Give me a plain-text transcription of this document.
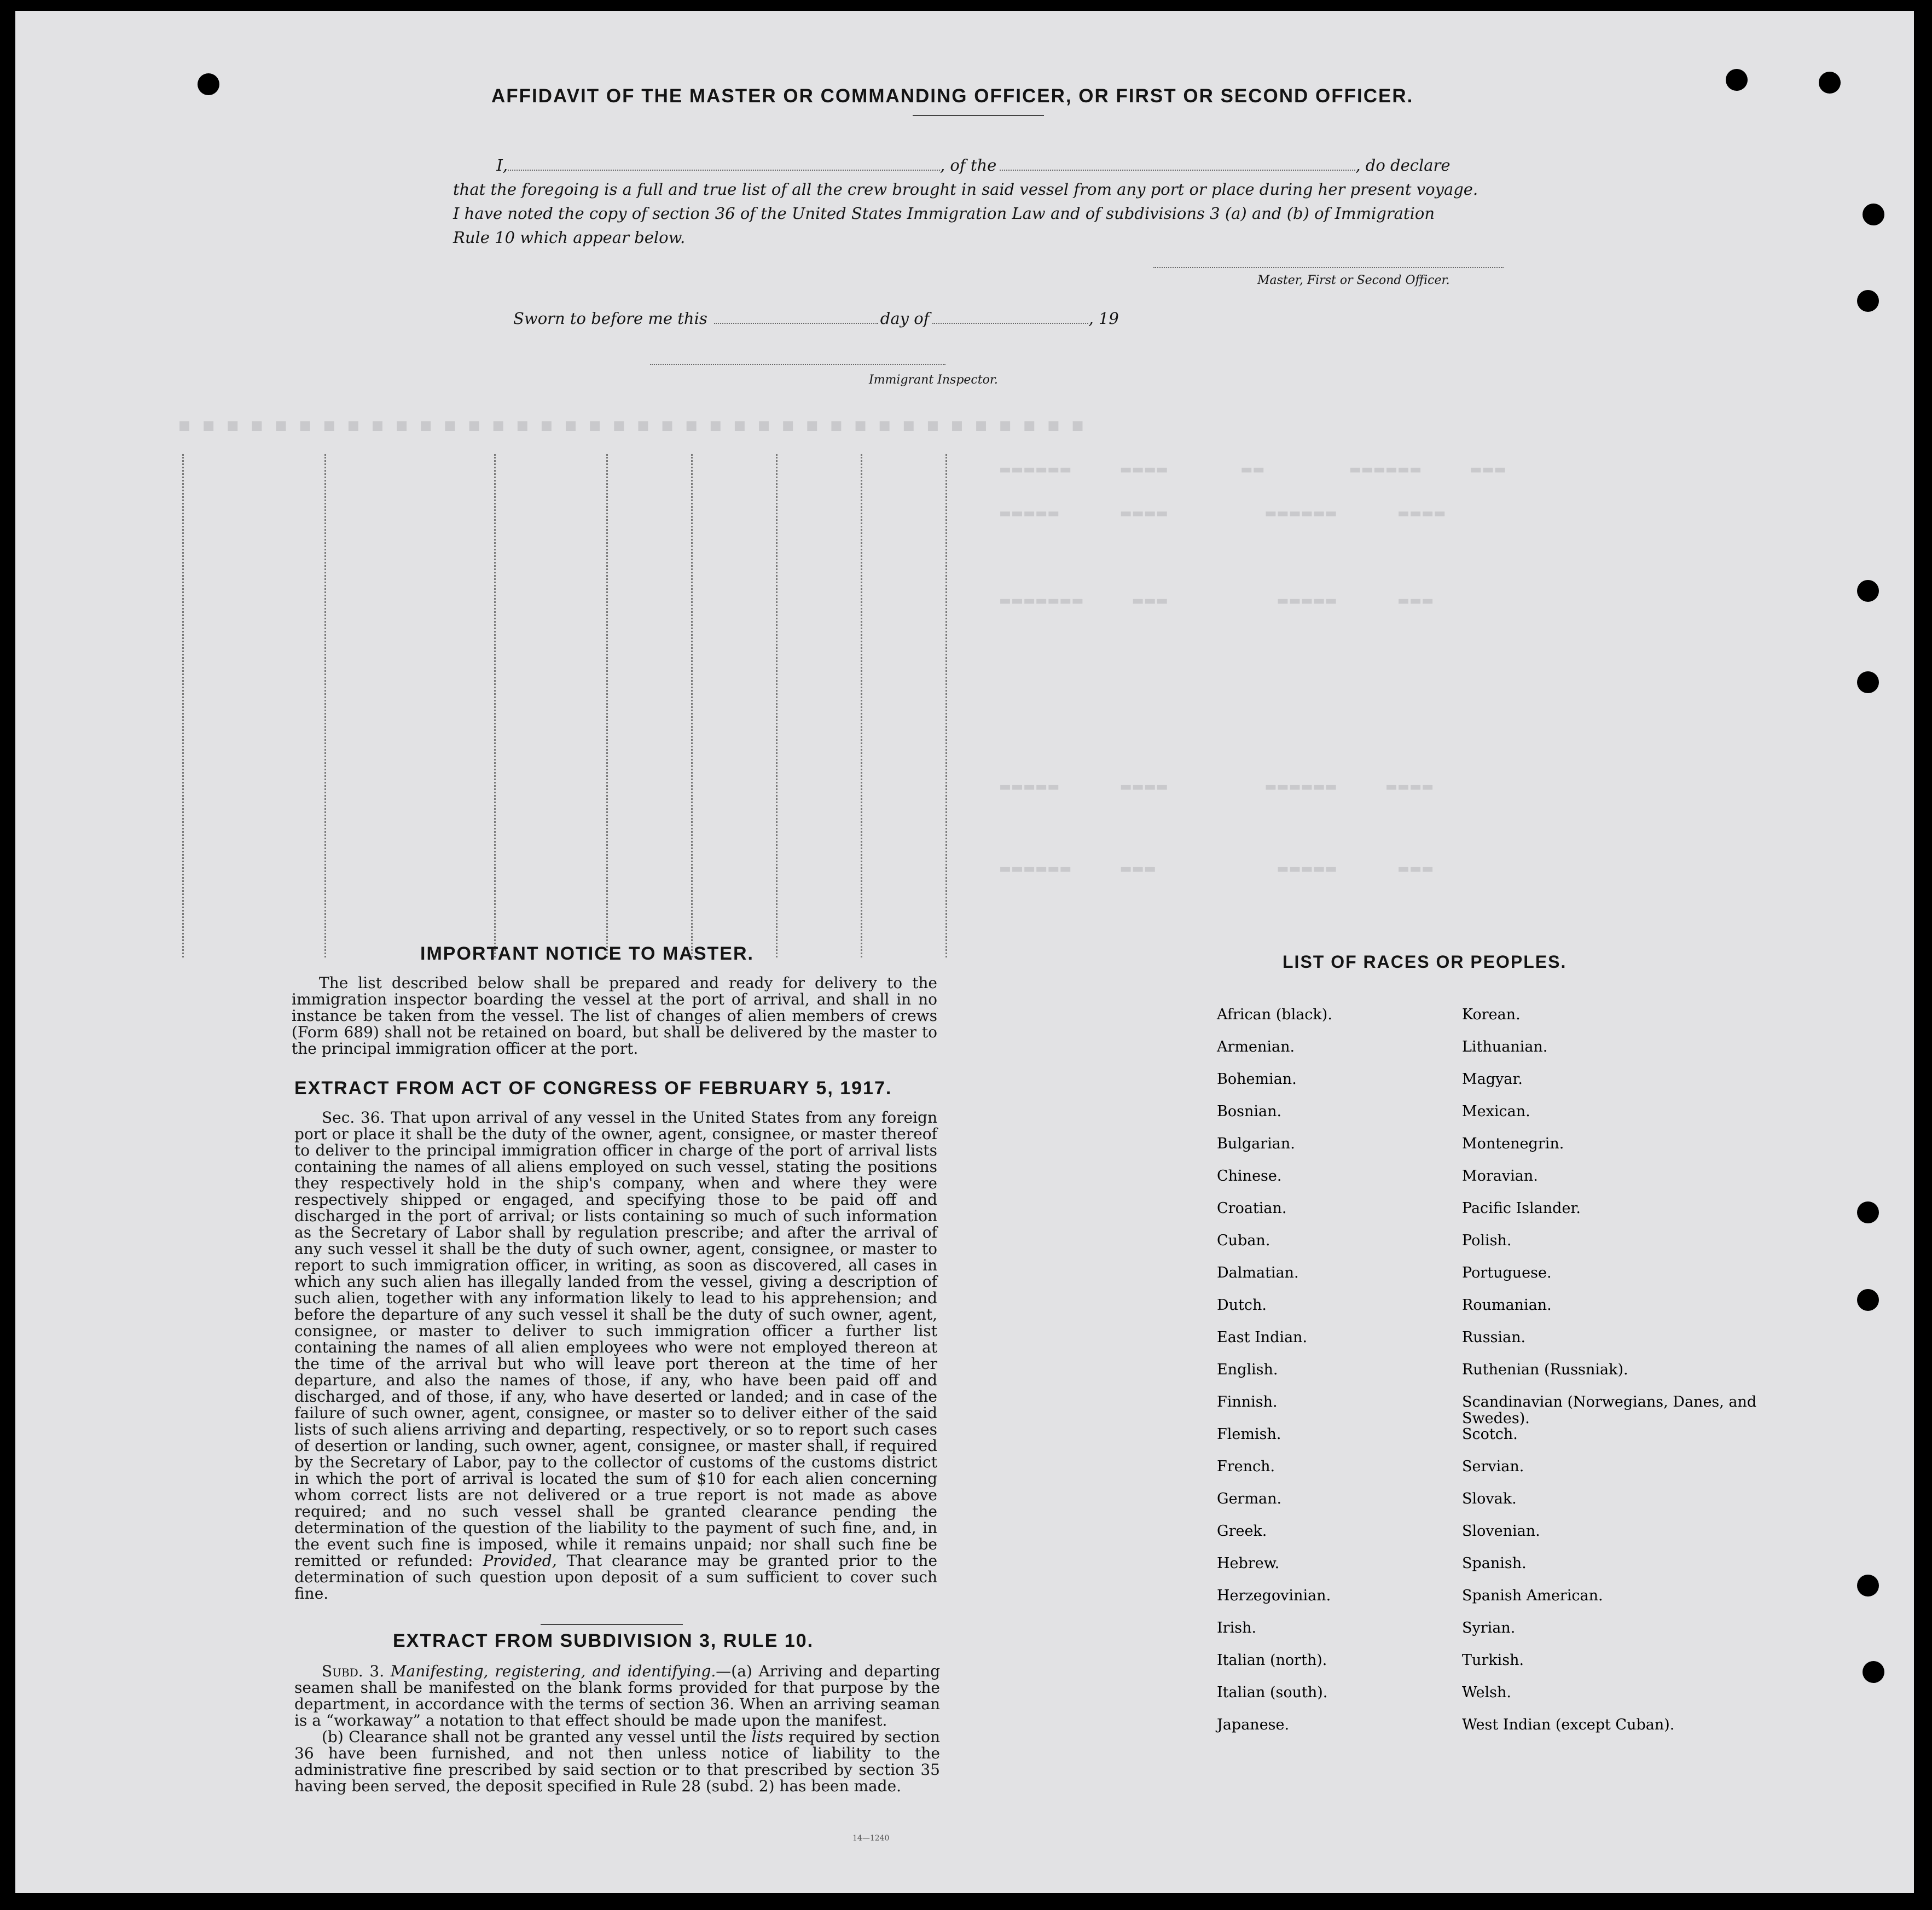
■ ■ ■ ■ ■ ■ ■ ■ ■ ■ ■ ■ ■ ■ ■ ■ ■ ■ ■ ■ ■ ■ ■ ■ ■ ■ ■ ■ ■ ■ ■ ■ ■ ■ ■ ■ ■ ■
▬▬▬▬▬▬    ▬▬▬▬      ▬▬       ▬▬▬▬▬▬    ▬▬▬
▬▬▬▬▬     ▬▬▬▬        ▬▬▬▬▬▬     ▬▬▬▬
▬▬▬▬▬▬▬    ▬▬▬         ▬▬▬▬▬     ▬▬▬
▬▬▬▬▬     ▬▬▬▬        ▬▬▬▬▬▬    ▬▬▬▬
▬▬▬▬▬▬    ▬▬▬          ▬▬▬▬▬     ▬▬▬
AFFIDAVIT OF THE MASTER OR COMMANDING OFFICER, OR FIRST OR SECOND OFFICER.
I,	, of the	, do declare
that the foregoing is a full and true list of all the crew brought in said vessel from any port or place during her present voyage.
I have noted the copy of section 36 of the United States Immigration Law and of subdivisions 3 (a) and (b) of Immigration
Rule 10 which appear below.
Master, First or Second Officer.
Sworn to before me this	day of	, 19
Immigrant Inspector.
IMPORTANT NOTICE TO MASTER.

The list described below shall be prepared and ready for delivery to the immigration inspector boarding the vessel at the port of arrival, and shall in no instance be taken from the vessel. The list of changes of alien members of crews (Form 689) shall not be retained on board, but shall be delivered by the master to the principal immigration officer at the port.

EXTRACT FROM ACT OF CONGRESS OF FEBRUARY 5, 1917.

Sec. 36. That upon arrival of any vessel in the United States from any foreign port or place it shall be the duty of the owner, agent, consignee, or master thereof to deliver to the principal immigration officer in charge of the port of arrival lists containing the names of all aliens employed on such vessel, stating the positions they respectively hold in the ship's company, when and where they were respectively shipped or engaged, and specifying those to be paid off and discharged in the port of arrival; or lists containing so much of such information as the Secretary of Labor shall by regulation prescribe; and after the arrival of any such vessel it shall be the duty of such owner, agent, consignee, or master to report to such immigration officer, in writing, as soon as discovered, all cases in which any such alien has illegally landed from the vessel, giving a description of such alien, together with any information likely to lead to his apprehension; and before the departure of any such vessel it shall be the duty of such owner, agent, consignee, or master to deliver to such immigration officer a further list containing the names of all alien employees who were not employed thereon at the time of the arrival but who will leave port thereon at the time of her departure, and also the names of those, if any, who have been paid off and discharged, and of those, if any, who have deserted or landed; and in case of the failure of such owner, agent, consignee, or master so to deliver either of the said lists of such aliens arriving and departing, respectively, or so to report such cases of desertion or landing, such owner, agent, consignee, or master shall, if required by the Secretary of Labor, pay to the collector of customs of the customs district in which the port of arrival is located the sum of $10 for each alien concerning whom correct lists are not delivered or a true report is not made as above required; and no such vessel shall be granted clearance pending the determination of the question of the liability to the payment of such fine, and, in the event such fine is imposed, while it remains unpaid; nor shall such fine be remitted or refunded: Provided, That clearance may be granted prior to the determination of such question upon deposit of a sum sufficient to cover such fine.

EXTRACT FROM SUBDIVISION 3, RULE 10.

Subd. 3. Manifesting, registering, and identifying.—(a) Arriving and departing seamen shall be manifested on the blank forms provided for that purpose by the department, in accordance with the terms of section 36. When an arriving seaman is a “workaway” a notation to that effect should be made upon the manifest.

(b) Clearance shall not be granted any vessel until the lists required by section 36 have been furnished, and not then unless notice of liability to the administrative fine prescribed by said section or to that prescribed by section 35 having been served, the deposit specified in Rule 28 (subd. 2) has been made.

14—1240
LIST OF RACES OR PEOPLES.
African (black).
Armenian.
Bohemian.
Bosnian.
Bulgarian.
Chinese.
Croatian.
Cuban.
Dalmatian.
Dutch.
East Indian.
English.
Finnish.
Flemish.
French.
German.
Greek.
Hebrew.
Herzegovinian.
Irish.
Italian (north).
Italian (south).
Japanese.
Korean.
Lithuanian.
Magyar.
Mexican.
Montenegrin.
Moravian.
Pacific Islander.
Polish.
Portuguese.
Roumanian.
Russian.
Ruthenian (Russniak).
Scandinavian (Norwegians, Danes, and Swedes).
Scotch.
Servian.
Slovak.
Slovenian.
Spanish.
Spanish American.
Syrian.
Turkish.
Welsh.
West Indian (except Cuban).
